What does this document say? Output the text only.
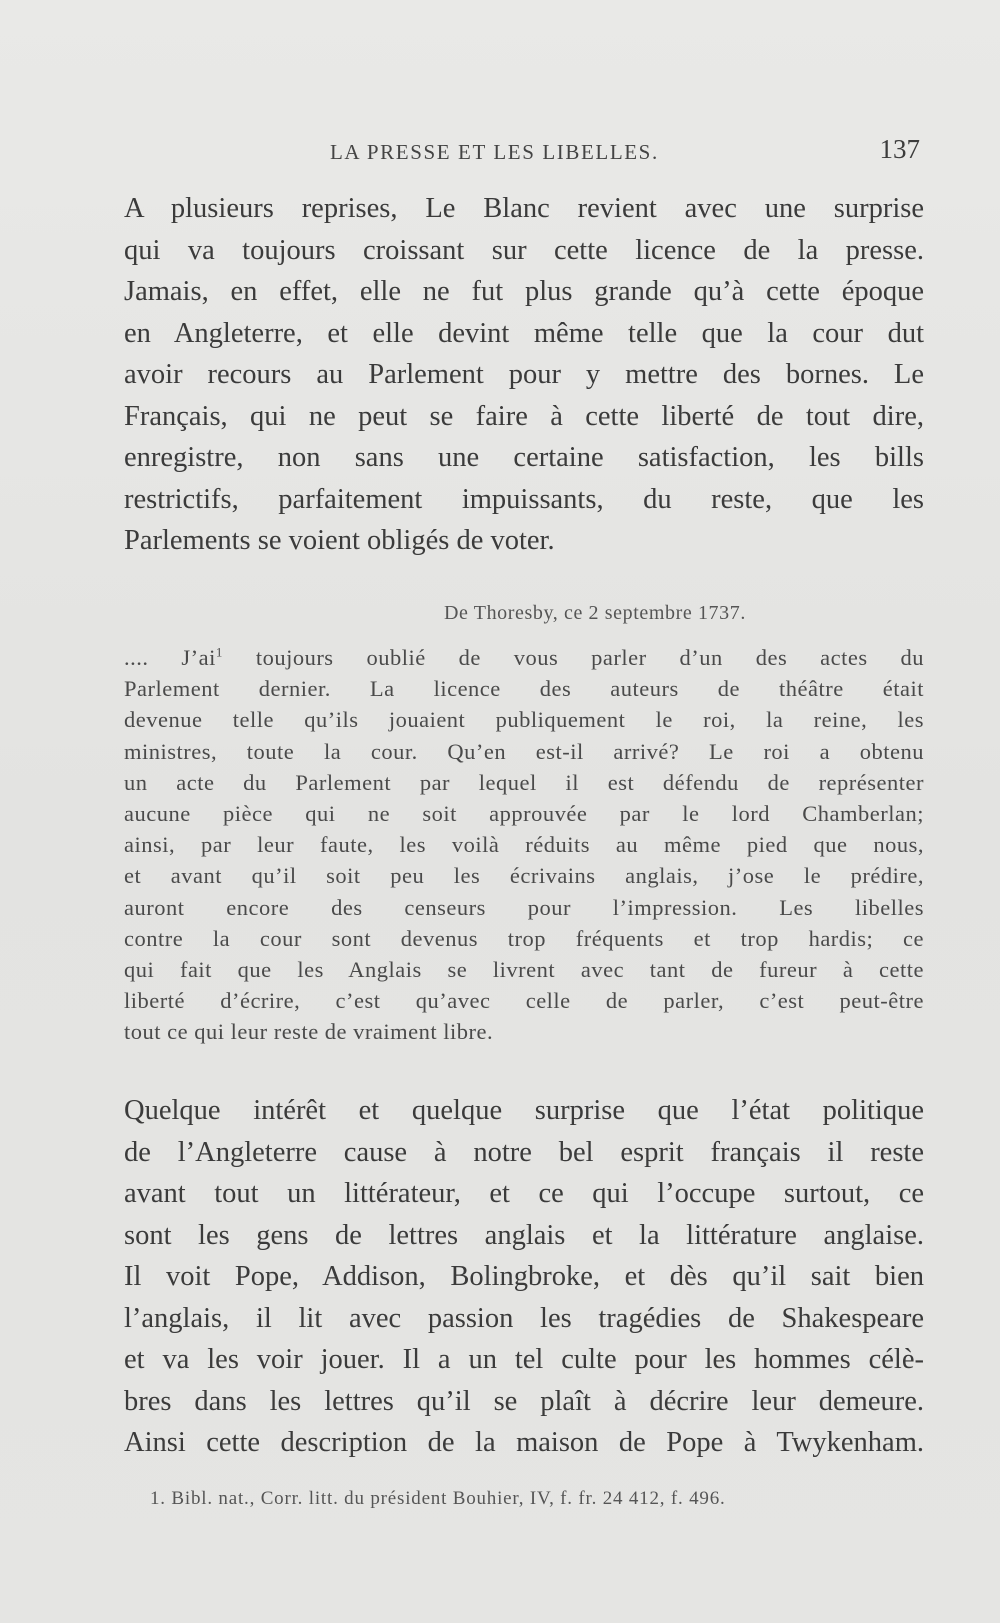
LA PRESSE ET LES LIBELLES.	137

A plusieurs reprises, Le Blanc revient avec une surprise
qui va toujours croissant sur cette licence de la presse.
Jamais, en effet, elle ne fut plus grande qu’à cette époque
en Angleterre, et elle devint même telle que la cour dut
avoir recours au Parlement pour y mettre des bornes. Le
Français, qui ne peut se faire à cette liberté de tout dire,
enregistre, non sans une certaine satisfaction, les bills
restrictifs, parfaitement impuissants, du reste, que les
Parlements se voient obligés de voter.

De Thoresby, ce 2 septembre 1737.

.... $J’ai^1$ toujours oublié de vous parler d’un des actes du
Parlement dernier. La licence des auteurs de théâtre était
devenue telle qu’ils jouaient publiquement le roi, la reine, les
ministres, toute la cour. Qu’en est-il arrivé? Le roi a obtenu
un acte du Parlement par lequel il est défendu de représenter
aucune pièce qui ne soit approuvée par le lord Chamberlan;
ainsi, par leur faute, les voilà réduits au même pied que nous,
et avant qu’il soit peu les écrivains anglais, j’ose le prédire,
auront encore des censeurs pour l’impression. Les libelles
contre la cour sont devenus trop fréquents et trop hardis; ce
qui fait que les Anglais se livrent avec tant de fureur à cette
liberté d’écrire, c’est qu’avec celle de parler, c’est peut-être
tout ce qui leur reste de vraiment libre.

Quelque intérêt et quelque surprise que l’état politique
de l’Angleterre cause à notre bel esprit français il reste
avant tout un littérateur, et ce qui l’occupe surtout, ce
sont les gens de lettres anglais et la littérature anglaise.
Il voit Pope, Addison, Bolingbroke, et dès qu’il sait bien
l’anglais, il lit avec passion les tragédies de Shakespeare
et va les voir jouer. Il a un tel culte pour les hommes célè-
bres dans les lettres qu’il se plaît à décrire leur demeure.
Ainsi cette description de la maison de Pope à Twykenham.

1. Bibl. nat., Corr. litt. du président Bouhier, IV, f. fr. 24 412, f. 496.
